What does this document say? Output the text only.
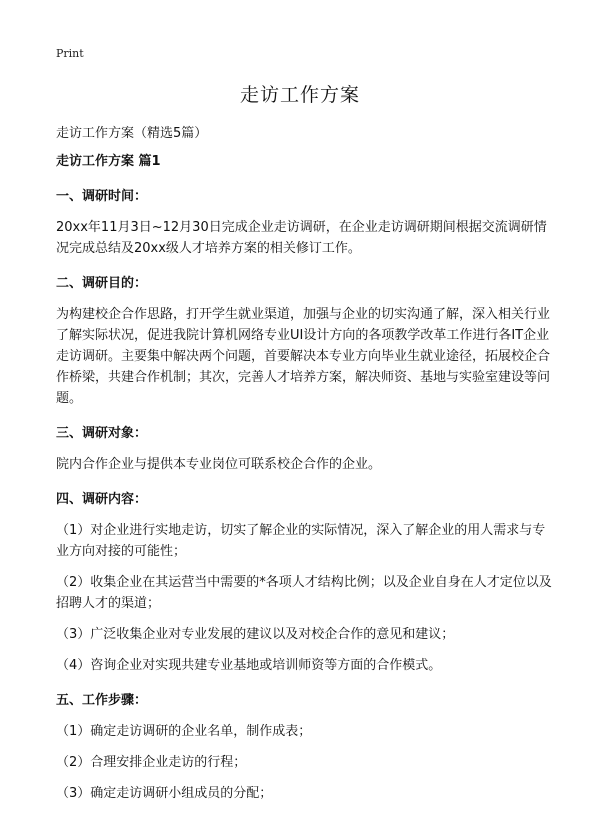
Print
走访工作方案
走访工作方案（精选5篇）

走访工作方案 篇1

一、调研时间：

20xx年11月3日~12月30日完成企业走访调研，在企业走访调研期间根据交流调研情况完成总结及20xx级人才培养方案的相关修订工作。

二、调研目的：

为构建校企合作思路，打开学生就业渠道，加强与企业的切实沟通了解，深入相关行业了解实际状况，促进我院计算机网络专业UI设计方向的各项教学改革工作进行各IT企业走访调研。主要集中解决两个问题，首要解决本专业方向毕业生就业途径，拓展校企合作桥梁，共建合作机制；其次，完善人才培养方案，解决师资、基地与实验室建设等问题。

三、调研对象：

院内合作企业与提供本专业岗位可联系校企合作的企业。

四、调研内容：

（1）对企业进行实地走访，切实了解企业的实际情况，深入了解企业的用人需求与专业方向对接的可能性；

（2）收集企业在其运营当中需要的*各项人才结构比例；以及企业自身在人才定位以及招聘人才的渠道；

（3）广泛收集企业对专业发展的建议以及对校企合作的意见和建议；

（4）咨询企业对实现共建专业基地或培训师资等方面的合作模式。

五、工作步骤：

（1）确定走访调研的企业名单，制作成表；

（2）合理安排企业走访的行程；

（3）确定走访调研小组成员的分配；
